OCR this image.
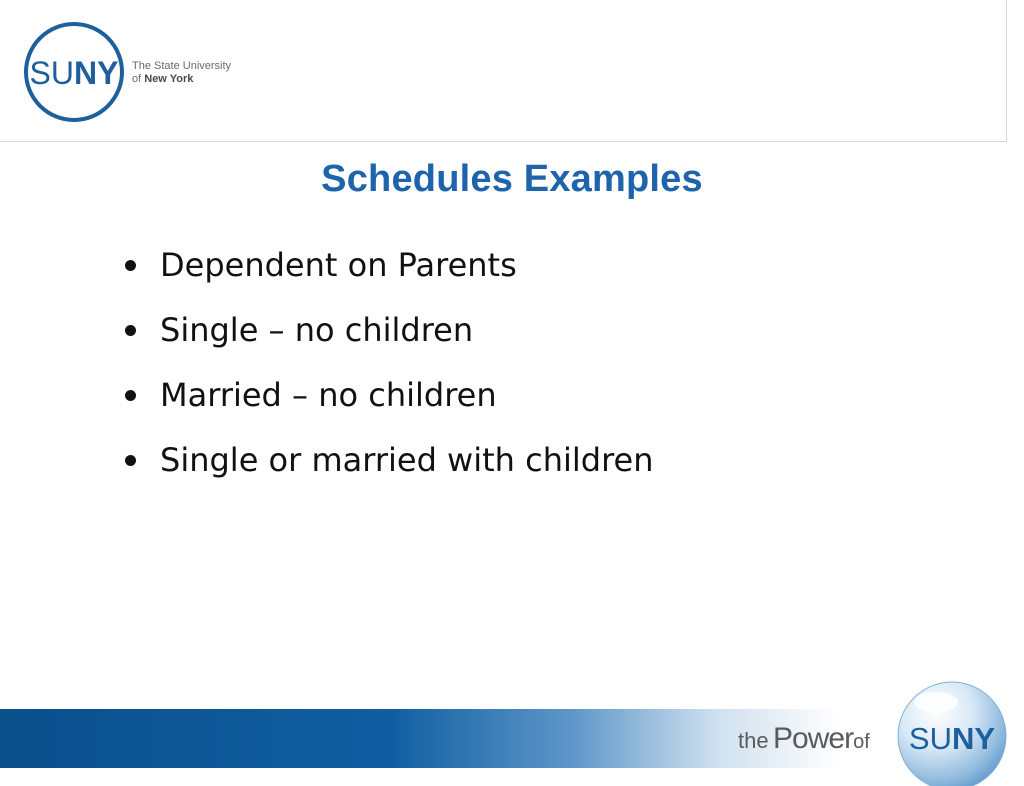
SUNY The State University
of New York
Schedules Examples
Dependent on Parents
Single – no children
Married – no children
Single or married with children
the Powerof SUNY
